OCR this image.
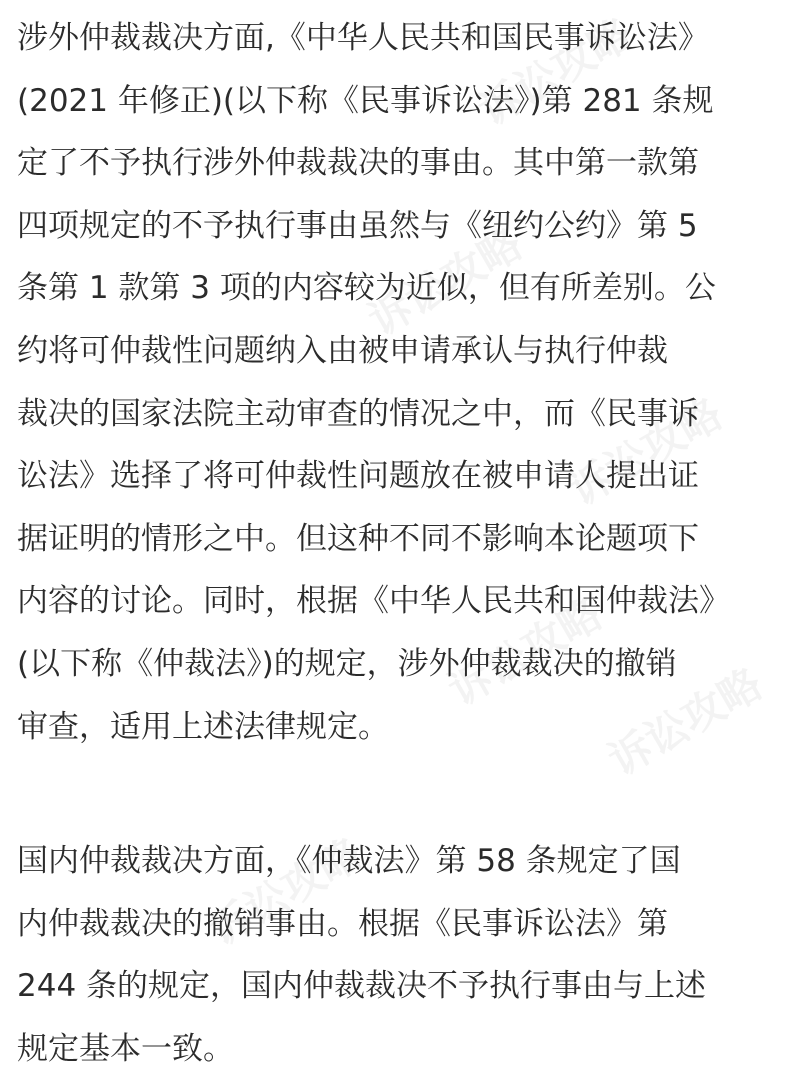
诉讼攻略
诉讼攻略
诉讼攻略
诉讼攻略
诉讼攻略
诉讼攻略
涉外仲裁裁决方面,《中华人民共和国民事诉讼法》
(2021 年修正)(以下称《民事诉讼法》)第 281 条规
定了不予执行涉外仲裁裁决的事由。其中第一款第
四项规定的不予执行事由虽然与《纽约公约》第 5
条第 1 款第 3 项的内容较为近似，但有所差别。公
约将可仲裁性问题纳入由被申请承认与执行仲裁
裁决的国家法院主动审查的情况之中，而《民事诉
讼法》选择了将可仲裁性问题放在被申请人提出证
据证明的情形之中。但这种不同不影响本论题项下
内容的讨论。同时，根据《中华人民共和国仲裁法》
(以下称《仲裁法》)的规定，涉外仲裁裁决的撤销
审查，适用上述法律规定。
国内仲裁裁决方面，《仲裁法》第 58 条规定了国
内仲裁裁决的撤销事由。根据《民事诉讼法》第
244 条的规定，国内仲裁裁决不予执行事由与上述
规定基本一致。
